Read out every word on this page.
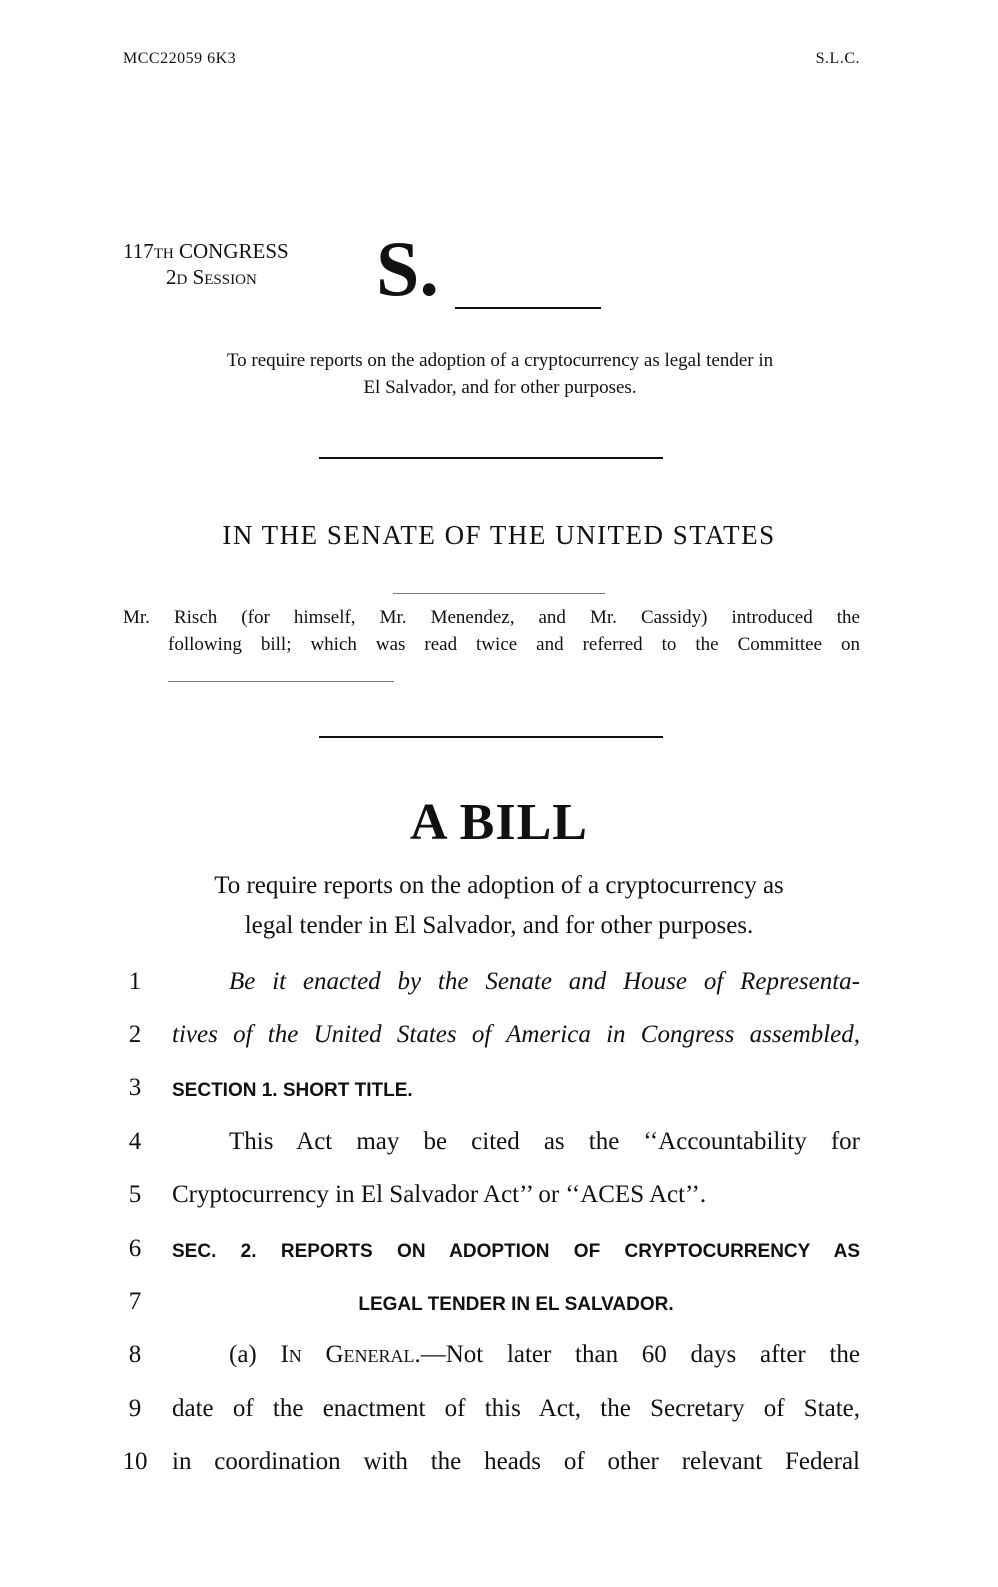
MCC22059 6K3	S.L.C.
117th CONGRESS
2d Session	S.
To require reports on the adoption of a cryptocurrency as legal tender in
El Salvador, and for other purposes.
IN THE SENATE OF THE UNITED STATES
Mr. Risch (for himself, Mr. Menendez, and Mr. Cassidy) introduced the
following bill; which was read twice and referred to the Committee on
A BILL
To require reports on the adoption of a cryptocurrency as
legal tender in El Salvador, and for other purposes.
1	Be it enacted by the Senate and House of Representa-
2	tives of the United States of America in Congress assembled,
3	SECTION 1. SHORT TITLE.
4	This Act may be cited as the ‘‘Accountability for
5	Cryptocurrency in El Salvador Act’’ or ‘‘ACES Act’’.
6	SEC. 2. REPORTS ON ADOPTION OF CRYPTOCURRENCY AS
7	LEGAL TENDER IN EL SALVADOR.
8	(a) In General.—Not later than 60 days after the
9	date of the enactment of this Act, the Secretary of State,
10 in coordination with the heads of other relevant Federal
